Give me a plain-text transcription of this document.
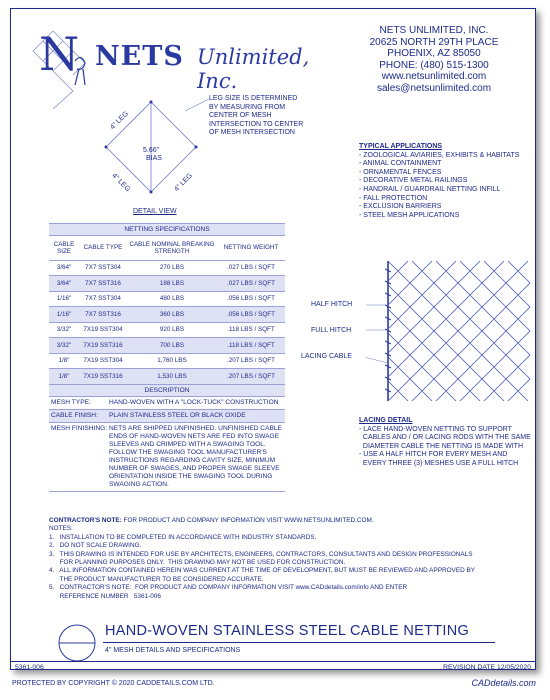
N NETS Unlimited, Inc.
NETS UNLIMITED, INC.
20625 NORTH 29TH PLACE
PHOENIX, AZ 85050
PHONE: (480) 515-1300
www.netsunlimited.com
sales@netsunlimited.com
4" LEG
4" LEG	4" LEG
5.66"
BIAS
DETAIL VIEW
LEG SIZE IS DETERMINED
BY MEASURING FROM
CENTER OF MESH
INTERSECTION TO CENTER
OF MESH INTERSECTION
TYPICAL APPLICATIONS
- ZOOLOGICAL AVIARIES, EXHIBITS & HABITATS
- ANIMAL CONTAINMENT
- ORNAMENTAL FENCES
- DECORATIVE METAL RAILINGS
- HANDRAIL / GUARDRAIL NETTING INFILL
- FALL PROTECTION
- EXCLUSION BARRIERS
- STEEL MESH APPLICATIONS
NETTING SPECIFICATIONS
CABLE SIZE	CABLE TYPE	CABLE NOMINAL BREAKING STRENGTH	NETTING WEIGHT
3/64"	7X7 SST304	270 LBS	.027 LBS / SQFT
3/64"	7X7 SST316	188 LBS	.027 LBS / SQFT
1/16"	7X7 SST304	480 LBS	.056 LBS / SQFT
1/16"	7X7 SST316	360 LBS	.056 LBS / SQFT
3/32"	7X19 SST304	920 LBS	.118 LBS / SQFT
3/32"	7X19 SST316	700 LBS	.118 LBS / SQFT
1/8"	7X19 SST304	1,760 LBS	.207 LBS / SQFT
1/8"	7X19 SST316	1,530 LBS	.207 LBS / SQFT
DESCRIPTION
MESH TYPE:	HAND-WOVEN WITH A "LOCK-TUCK" CONSTRUCTION
CABLE FINISH:	PLAIN STAINLESS STEEL OR BLACK OXIDE
MESH FINISHING: NETS ARE SHIPPED UNFINISHED. UNFINISHED CABLE
ENDS OF HAND-WOVEN NETS ARE FED INTO SWAGE
SLEEVES AND CRIMPED WITH A SWAGING TOOL.
FOLLOW THE SWAGING TOOL MANUFACTURER'S
INSTRUCTIONS REGARDING CAVITY SIZE, MINIMUM
NUMBER OF SWAGES, AND PROPER SWAGE SLEEVE
ORIENTATION INSIDE THE SWAGING TOOL DURING
SWAGING ACTION.
HALF HITCH
FULL HITCH
LACING CABLE
LACING DETAIL
- LACE HAND-WOVEN NETTING TO SUPPORT
CABLES AND / OR LACING RODS WITH THE SAME
DIAMETER CABLE THE NETTING IS MADE WITH
- USE A HALF HITCH FOR EVERY MESH AND
EVERY THREE (3) MESHES USE A FULL HITCH
CONTRACTOR'S NOTE: FOR PRODUCT AND COMPANY INFORMATION VISIT WWW.NETSUNLIMITED.COM.
NOTES:
1.   INSTALLATION TO BE COMPLETED IN ACCORDANCE WITH INDUSTRY STANDARDS.
2.   DO NOT SCALE DRAWING.
3.   THIS DRAWING IS INTENDED FOR USE BY ARCHITECTS, ENGINEERS, CONTRACTORS, CONSULTANTS AND DESIGN PROFESSIONALS
FOR PLANNING PURPOSES ONLY.  THIS DRAWING MAY NOT BE USED FOR CONSTRUCTION.
4.   ALL INFORMATION CONTAINED HEREIN WAS CURRENT AT THE TIME OF DEVELOPMENT, BUT MUST BE REVIEWED AND APPROVED BY
THE PRODUCT MANUFACTURER TO BE CONSIDERED ACCURATE.
5.   CONTRACTOR'S NOTE:  FOR PRODUCT AND COMPANY INFORMATION VISIT www.CADdetails.com/info AND ENTER
REFERENCE NUMBER   5361-006
HAND-WOVEN STAINLESS STEEL CABLE NETTING
4" MESH DETAILS AND SPECIFICATIONS
5361-006	REVISION DATE 12/05/2020
PROTECTED BY COPYRIGHT © 2020 CADDETAILS.COM LTD.	CADdetails.com
